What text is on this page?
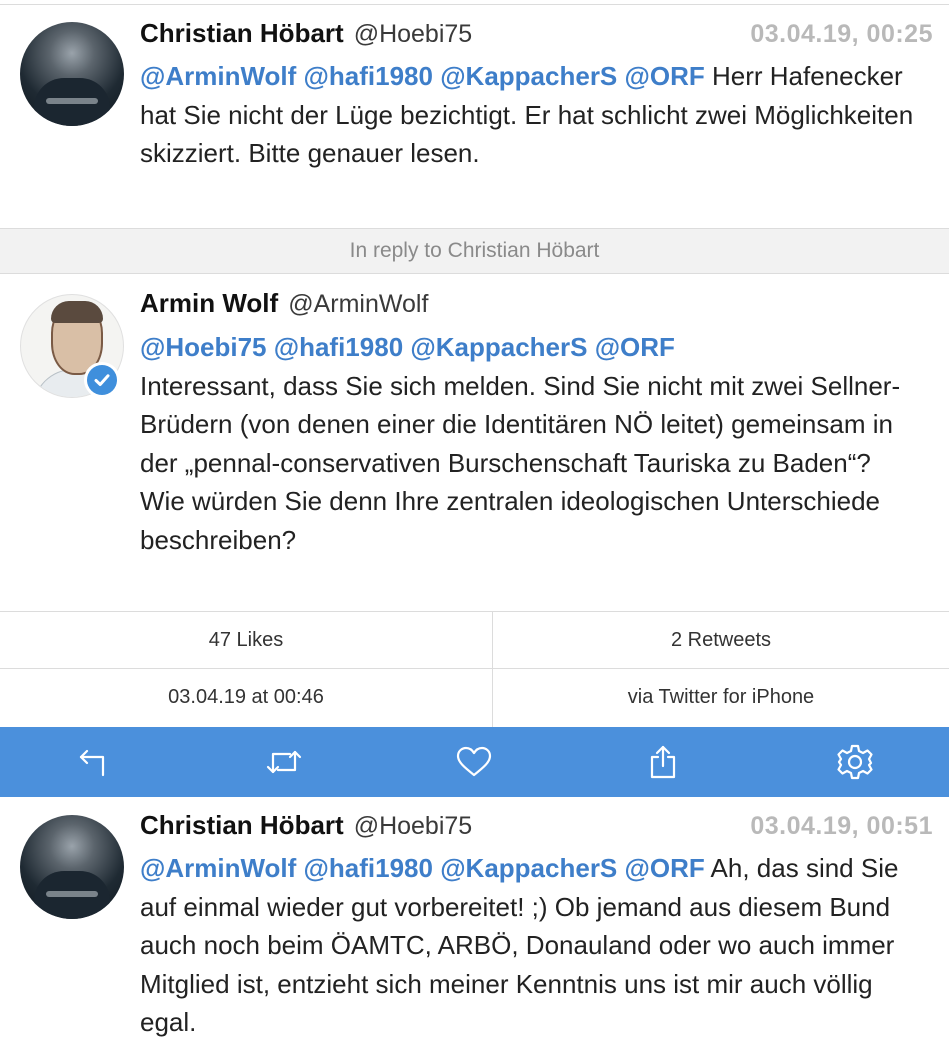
Christian Höbart @Hoebi75	03.04.19, 00:25
@ArminWolf @hafi1980 @KappacherS @ORF Herr Hafenecker hat Sie nicht der Lüge bezichtigt. Er hat schlicht zwei Möglichkeiten skizziert. Bitte genauer lesen.
In reply to Christian Höbart
Armin Wolf @ArminWolf
@Hoebi75 @hafi1980 @KappacherS @ORF
Interessant, dass Sie sich melden. Sind Sie nicht mit zwei Sellner-Brüdern (von denen einer die Identitären NÖ leitet) gemeinsam in der „pennal-conservativen Burschenschaft Tauriska zu Baden“?
Wie würden Sie denn Ihre zentralen ideologischen Unterschiede beschreiben?
47 Likes	2 Retweets
03.04.19 at 00:46	via Twitter for iPhone
Christian Höbart @Hoebi75	03.04.19, 00:51
@ArminWolf @hafi1980 @KappacherS @ORF Ah, das sind Sie auf einmal wieder gut vorbereitet! ;) Ob jemand aus diesem Bund auch noch beim ÖAMTC, ARBÖ, Donauland oder wo auch immer Mitglied ist, entzieht sich meiner Kenntnis uns ist mir auch völlig egal.
